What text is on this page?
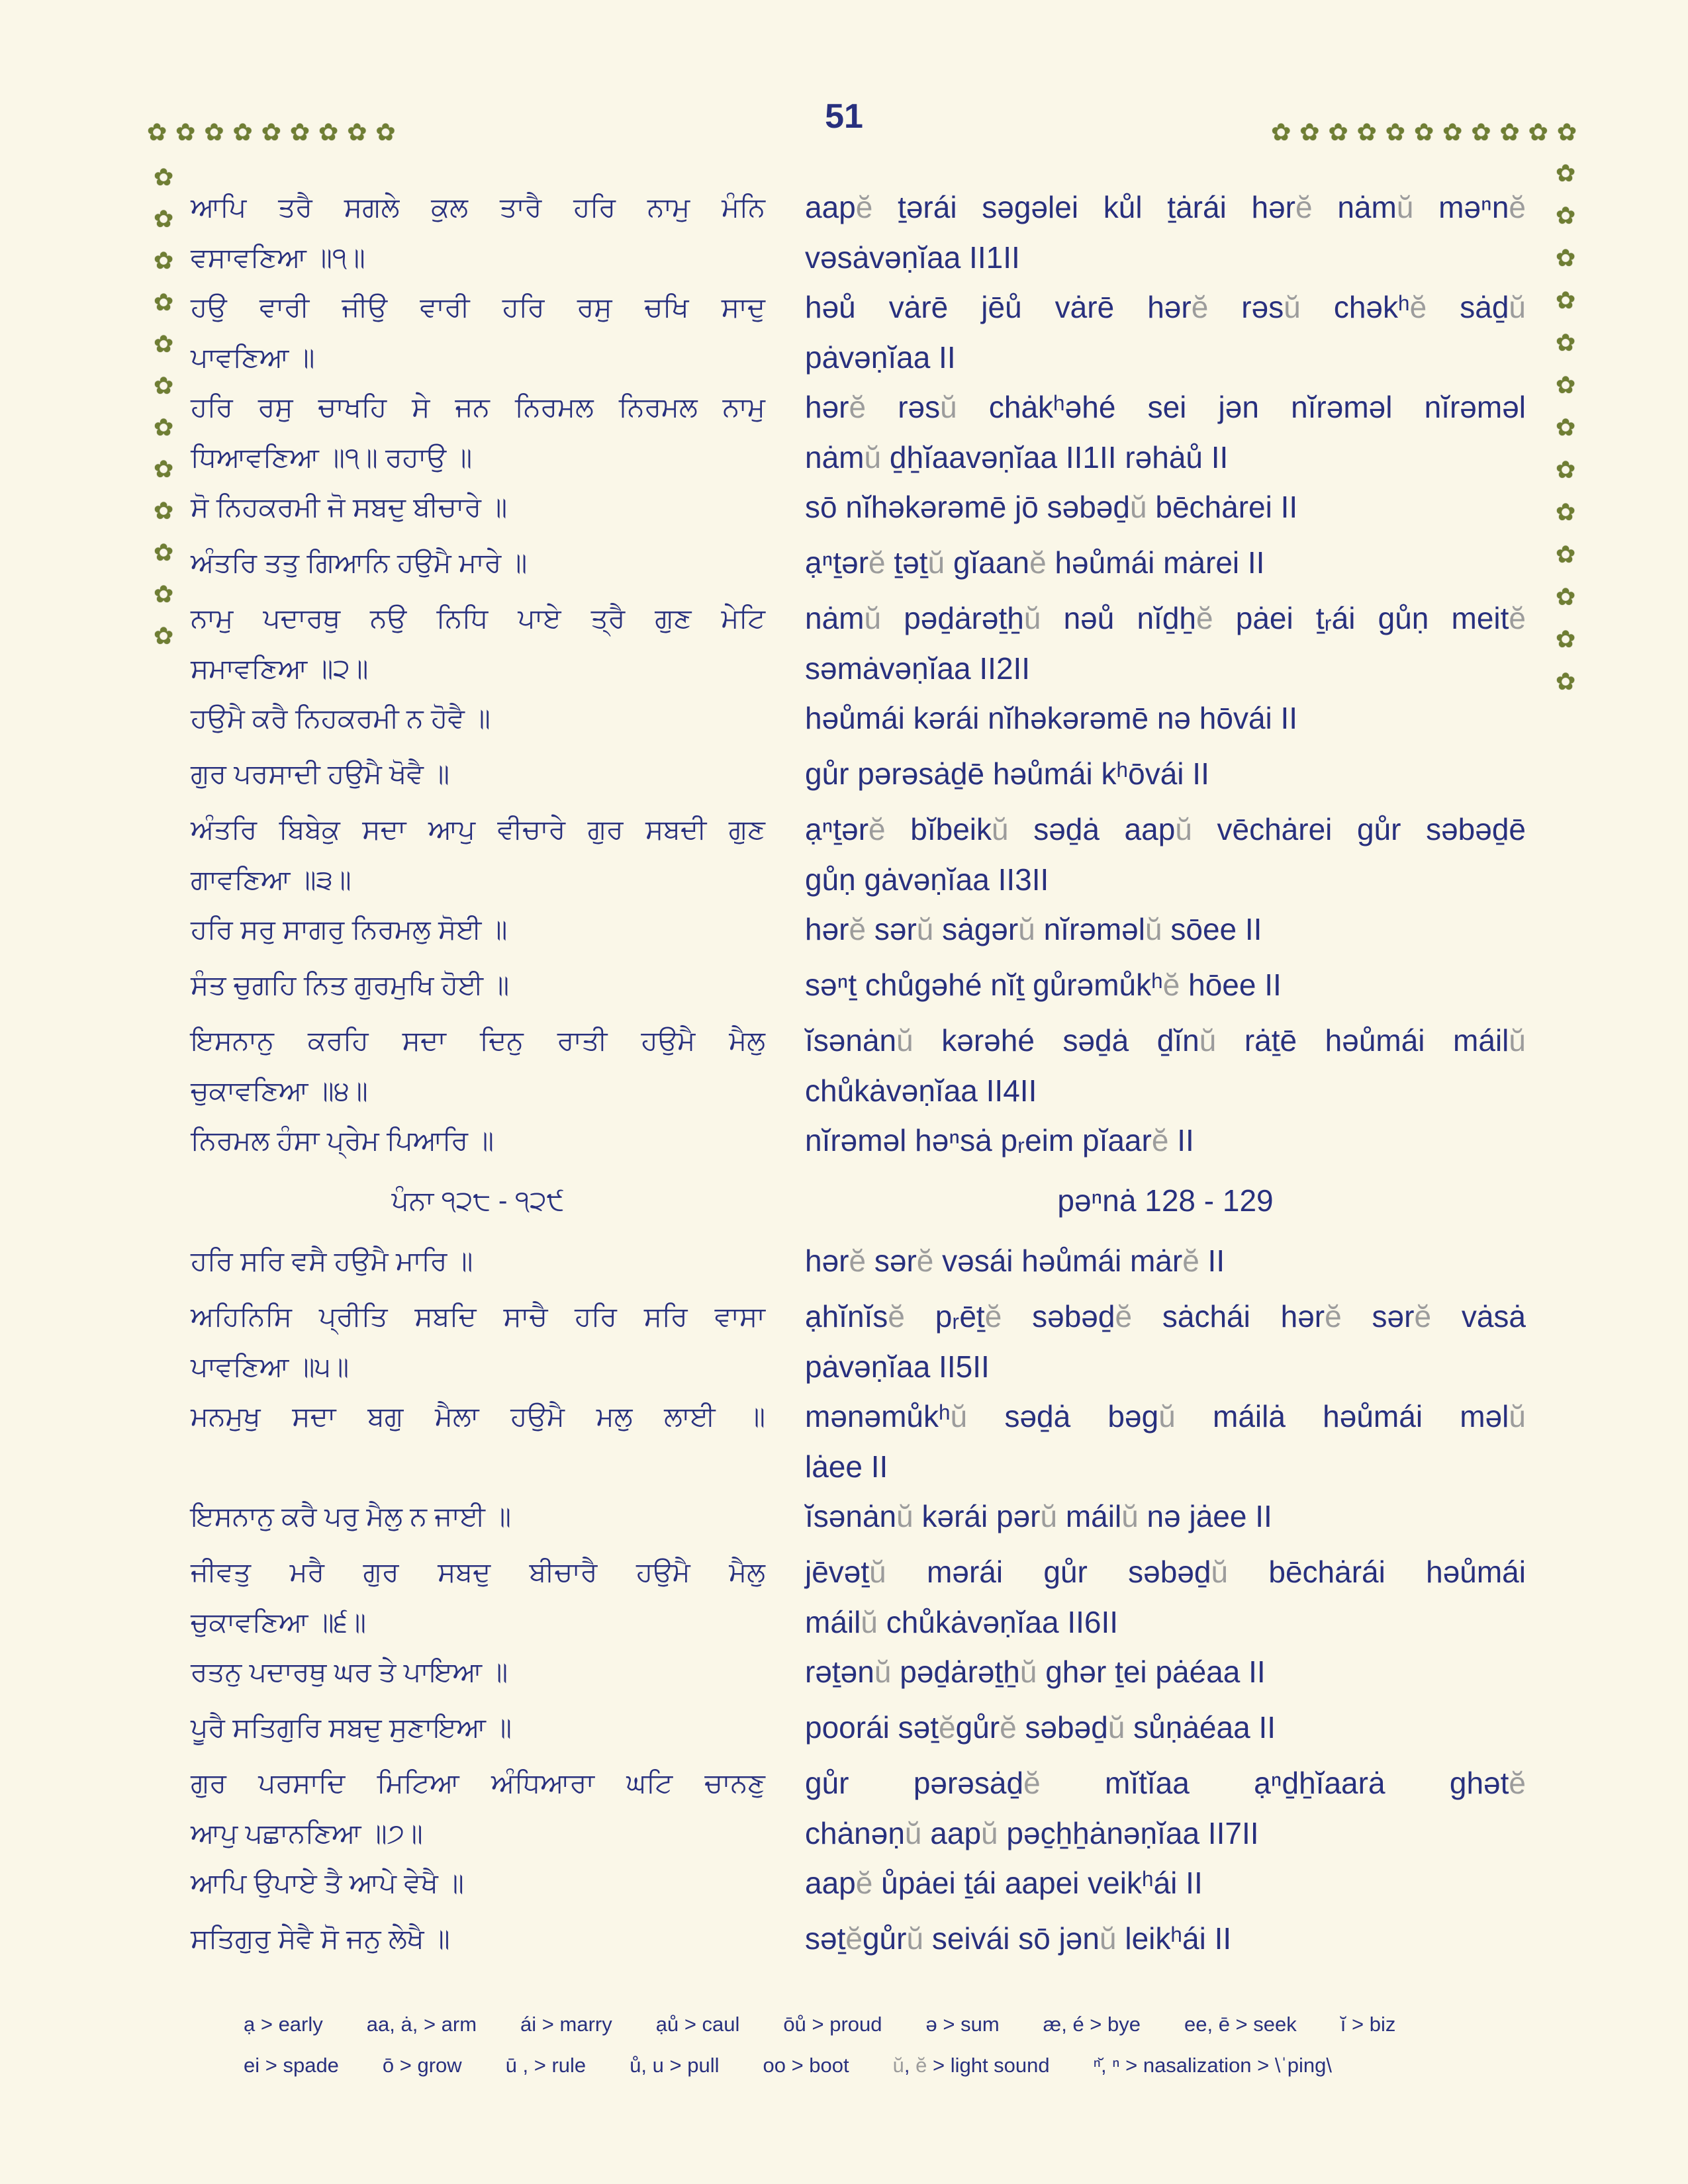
51
✿ ✿ ✿ ✿ ✿ ✿ ✿ ✿ ✿	✿ ✿ ✿ ✿ ✿ ✿ ✿ ✿ ✿ ✿ ✿
✿
✿
✿
✿
✿
✿
✿
✿
✿
✿
✿
✿
✿
✿
✿
✿
✿
✿
✿
✿
✿
✿
✿
✿
✿
ਆਪਿ ਤਰੈ ਸਗਲੇ ਕੁਲ ਤਾਰੈ ਹਰਿ ਨਾਮੁ ਮੰਨਿ	aapĕ ṯərái səgəlei kůl ṯȧrái hərĕ nȧmŭ məⁿnĕ
ਵਸਾਵਣਿਆ ॥੧॥	vəsȧvəṇĭaa II1II
ਹਉ ਵਾਰੀ ਜੀਉ ਵਾਰੀ ਹਰਿ ਰਸੁ ਚਖਿ ਸਾਦੁ	həů vȧrē jēů vȧrē hərĕ rəsŭ chəkʰĕ sȧḏŭ
ਪਾਵਣਿਆ ॥	pȧvəṇĭaa II
ਹਰਿ ਰਸੁ ਚਾਖਹਿ ਸੇ ਜਨ ਨਿਰਮਲ ਨਿਰਮਲ ਨਾਮੁ	hərĕ rəsŭ chȧkʰəhé sei jən nĭrəməl nĭrəməl
ਧਿਆਵਣਿਆ ॥੧॥ ਰਹਾਉ ॥	nȧmŭ ḏẖĭaavəṇĭaa II1II rəhȧů II
ਸੋ ਨਿਹਕਰਮੀ ਜੋ ਸਬਦੁ ਬੀਚਾਰੇ ॥	sō nĭhəkərəmē jō səbəḏŭ bēchȧrei II
ਅੰਤਰਿ ਤਤੁ ਗਿਆਨਿ ਹਉਮੈ ਮਾਰੇ ॥	ạⁿṯərĕ ṯəṯŭ gĭaanĕ həůmái mȧrei II
ਨਾਮੁ ਪਦਾਰਥੁ ਨਉ ਨਿਧਿ ਪਾਏ ਤ੍ਰੈ ਗੁਣ ਮੇਟਿ	nȧmŭ pəḏȧrəṯẖŭ nəů nĭḏẖĕ pȧei ṯᵣái gůṇ meitĕ
ਸਮਾਵਣਿਆ ॥੨॥	səmȧvəṇĭaa II2II
ਹਉਮੈ ਕਰੈ ਨਿਹਕਰਮੀ ਨ ਹੋਵੈ ॥	həůmái kərái nĭhəkərəmē nə hōvái II
ਗੁਰ ਪਰਸਾਦੀ ਹਉਮੈ ਖੋਵੈ ॥	gůr pərəsȧḏē həůmái kʰōvái II
ਅੰਤਰਿ ਬਿਬੇਕੁ ਸਦਾ ਆਪੁ ਵੀਚਾਰੇ ਗੁਰ ਸਬਦੀ ਗੁਣ	ạⁿṯərĕ bĭbeikŭ səḏȧ aapŭ vēchȧrei gůr səbəḏē
ਗਾਵਣਿਆ ॥੩॥	gůṇ gȧvəṇĭaa II3II
ਹਰਿ ਸਰੁ ਸਾਗਰੁ ਨਿਰਮਲੁ ਸੋਈ ॥	hərĕ sərŭ sȧgərŭ nĭrəməlŭ sōee II
ਸੰਤ ਚੁਗਹਿ ਨਿਤ ਗੁਰਮੁਖਿ ਹੋਈ ॥	səⁿṯ chůgəhé nĭṯ gůrəmůkʰĕ hōee II
ਇਸਨਾਨੁ ਕਰਹਿ ਸਦਾ ਦਿਨੁ ਰਾਤੀ ਹਉਮੈ ਮੈਲੁ	ĭsənȧnŭ kərəhé səḏȧ ḏĭnŭ rȧṯē həůmái máilŭ
ਚੁਕਾਵਣਿਆ ॥੪॥	chůkȧvəṇĭaa II4II
ਨਿਰਮਲ ਹੰਸਾ ਪ੍ਰੇਮ ਪਿਆਰਿ ॥	nĭrəməl həⁿsȧ pᵣeim pĭaarĕ II
ਪੰਨਾ ੧੨੮ - ੧੨੯	pəⁿnȧ 128 - 129
ਹਰਿ ਸਰਿ ਵਸੈ ਹਉਮੈ ਮਾਰਿ ॥	hərĕ sərĕ vəsái həůmái mȧrĕ II
ਅਹਿਨਿਸਿ ਪ੍ਰੀਤਿ ਸਬਦਿ ਸਾਚੈ ਹਰਿ ਸਰਿ ਵਾਸਾ	ạhĭnĭsĕ pᵣēṯĕ səbəḏĕ sȧchái hərĕ sərĕ vȧsȧ
ਪਾਵਣਿਆ ॥੫॥	pȧvəṇĭaa II5II
ਮਨਮੁਖੁ ਸਦਾ ਬਗੁ ਮੈਲਾ ਹਉਮੈ ਮਲੁ ਲਾਈ ॥	mənəmůkʰŭ səḏȧ bəgŭ máilȧ həůmái məlŭ
lȧee II
ਇਸਨਾਨੁ ਕਰੈ ਪਰੁ ਮੈਲੁ ਨ ਜਾਈ ॥	ĭsənȧnŭ kərái pərŭ máilŭ nə jȧee II
ਜੀਵਤੁ ਮਰੈ ਗੁਰ ਸਬਦੁ ਬੀਚਾਰੈ ਹਉਮੈ ਮੈਲੁ	jēvəṯŭ mərái gůr səbəḏŭ bēchȧrái həůmái
ਚੁਕਾਵਣਿਆ ॥੬॥	máilŭ chůkȧvəṇĭaa II6II
ਰਤਨੁ ਪਦਾਰਥੁ ਘਰ ਤੇ ਪਾਇਆ ॥	rəṯənŭ pəḏȧrəṯẖŭ ghər ṯei pȧéaa II
ਪੂਰੈ ਸਤਿਗੁਰਿ ਸਬਦੁ ਸੁਣਾਇਆ ॥	poorái səṯĕgůrĕ səbəḏŭ sůṇȧéaa II
ਗੁਰ ਪਰਸਾਦਿ ਮਿਟਿਆ ਅੰਧਿਆਰਾ ਘਟਿ ਚਾਨਣੁ	gůr pərəsȧḏĕ mĭtĭaa ạⁿḏẖĭaarȧ ghətĕ
ਆਪੁ ਪਛਾਨਣਿਆ ॥੭॥	chȧnəṇŭ aapŭ pəc̱ẖẖȧnəṇĭaa II7II
ਆਪਿ ਉਪਾਏ ਤੈ ਆਪੇ ਵੇਖੈ ॥	aapĕ ůpȧei ṯái aapei veikʰái II
ਸਤਿਗੁਰੁ ਸੇਵੈ ਸੋ ਜਨੁ ਲੇਖੈ ॥	səṯĕgůrŭ seivái sō jənŭ leikʰái II
ạ > early aa, ȧ, > arm ái > marry ạů > caul ōů > proud ə > sum æ, é > bye ee, ē > seek ĭ > biz
ei > spade ō > grow ū , > rule ů, u > pull oo > boot ŭ, ĕ > light sound ⁿ̆, ⁿ > nasalization > \ˈping\
